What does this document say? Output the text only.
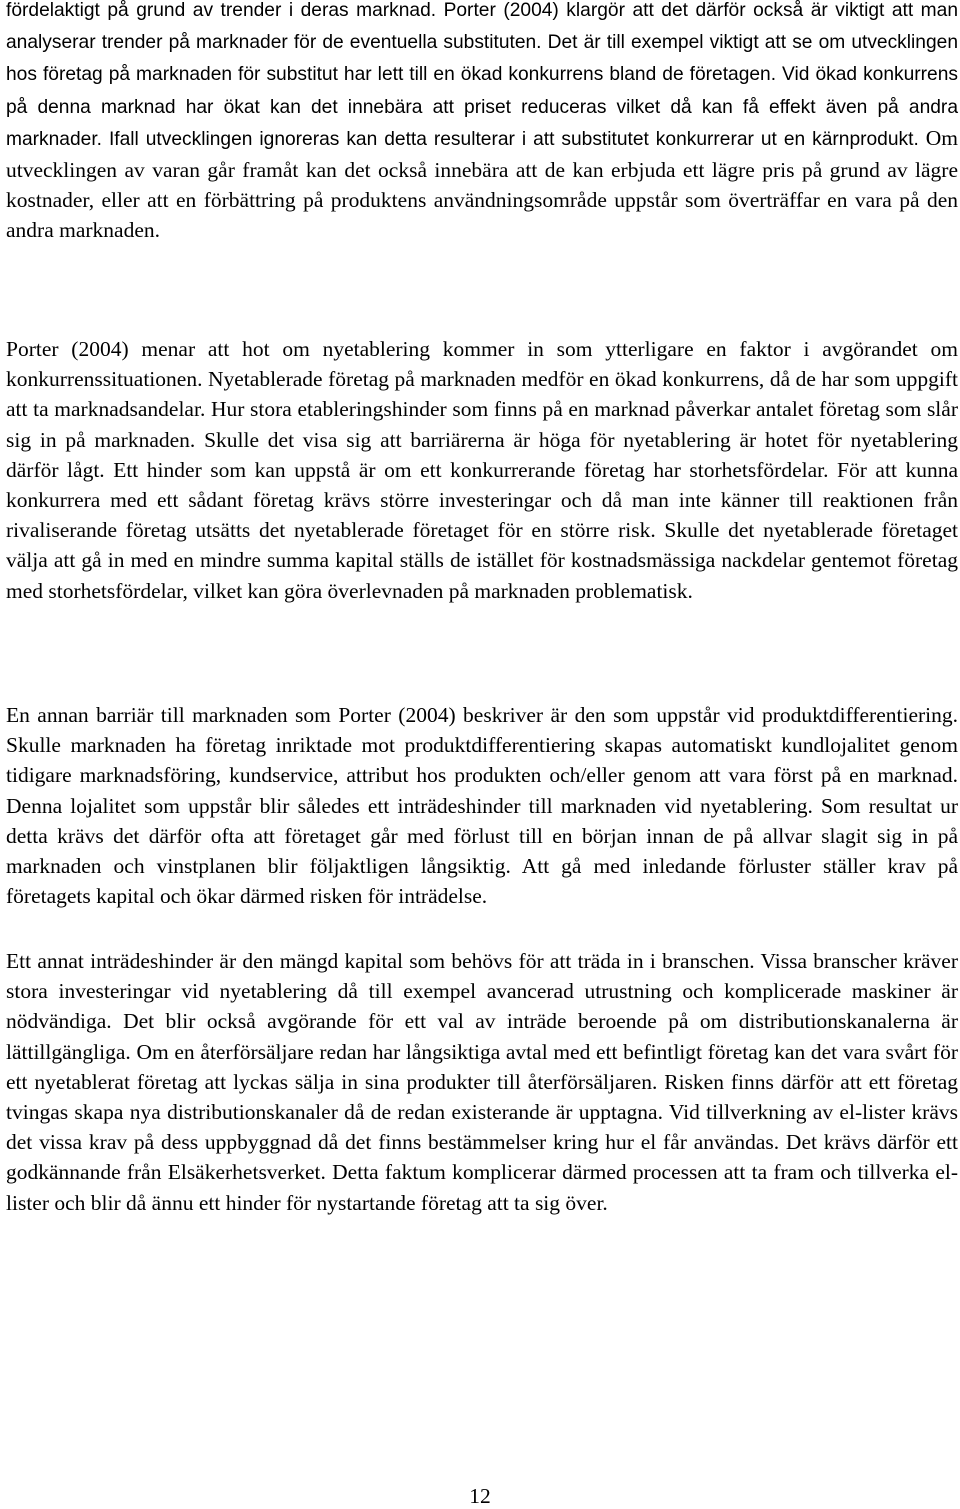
fördelaktigt på grund av trender i deras marknad. Porter (2004) klargör att det därför också är viktigt att man analyserar trender på marknader för de eventuella substituten. Det är till exempel viktigt att se om utvecklingen hos företag på marknaden för substitut har lett till en ökad konkurrens bland de företagen. Vid ökad konkurrens på denna marknad har ökat kan det innebära att priset reduceras vilket då kan få effekt även på andra marknader. Ifall utvecklingen ignoreras kan detta resulterar i att substitutet konkurrerar ut en kärnprodukt. Om utvecklingen av varan går framåt kan det också innebära att de kan erbjuda ett lägre pris på grund av lägre kostnader, eller att en förbättring på produktens användningsområde uppstår som överträffar en vara på den andra marknaden.

Porter (2004) menar att hot om nyetablering kommer in som ytterligare en faktor i avgörandet om konkurrenssituationen. Nyetablerade företag på marknaden medför en ökad konkurrens, då de har som uppgift att ta marknadsandelar. Hur stora etableringshinder som finns på en marknad påverkar antalet företag som slår sig in på marknaden. Skulle det visa sig att barriärerna är höga för nyetablering är hotet för nyetablering därför lågt. Ett hinder som kan uppstå är om ett konkurrerande företag har storhetsfördelar. För att kunna konkurrera med ett sådant företag krävs större investeringar och då man inte känner till reaktionen från rivaliserande företag utsätts det nyetablerade företaget för en större risk. Skulle det nyetablerade företaget välja att gå in med en mindre summa kapital ställs de istället för kostnadsmässiga nackdelar gentemot företag med storhetsfördelar, vilket kan göra överlevnaden på marknaden problematisk.

En annan barriär till marknaden som Porter (2004) beskriver är den som uppstår vid produktdifferentiering. Skulle marknaden ha företag inriktade mot produktdifferentiering skapas automatiskt kundlojalitet genom tidigare marknadsföring, kundservice, attribut hos produkten och/eller genom att vara först på en marknad. Denna lojalitet som uppstår blir således ett inträdeshinder till marknaden vid nyetablering. Som resultat ur detta krävs det därför ofta att företaget går med förlust till en början innan de på allvar slagit sig in på marknaden och vinstplanen blir följaktligen långsiktig. Att gå med inledande förluster ställer krav på företagets kapital och ökar därmed risken för inträdelse.

Ett annat inträdeshinder är den mängd kapital som behövs för att träda in i branschen. Vissa branscher kräver stora investeringar vid nyetablering då till exempel avancerad utrustning och komplicerade maskiner är nödvändiga. Det blir också avgörande för ett val av inträde beroende på om distributionskanalerna är lättillgängliga. Om en återförsäljare redan har långsiktiga avtal med ett befintligt företag kan det vara svårt för ett nyetablerat företag att lyckas sälja in sina produkter till återförsäljaren. Risken finns därför att ett företag tvingas skapa nya distributionskanaler då de redan existerande är upptagna. Vid tillverkning av el-lister krävs det vissa krav på dess uppbyggnad då det finns bestämmelser kring hur el får användas. Det krävs därför ett godkännande från Elsäkerhetsverket. Detta faktum komplicerar därmed processen att ta fram och tillverka el-lister och blir då ännu ett hinder för nystartande företag att ta sig över.

12
